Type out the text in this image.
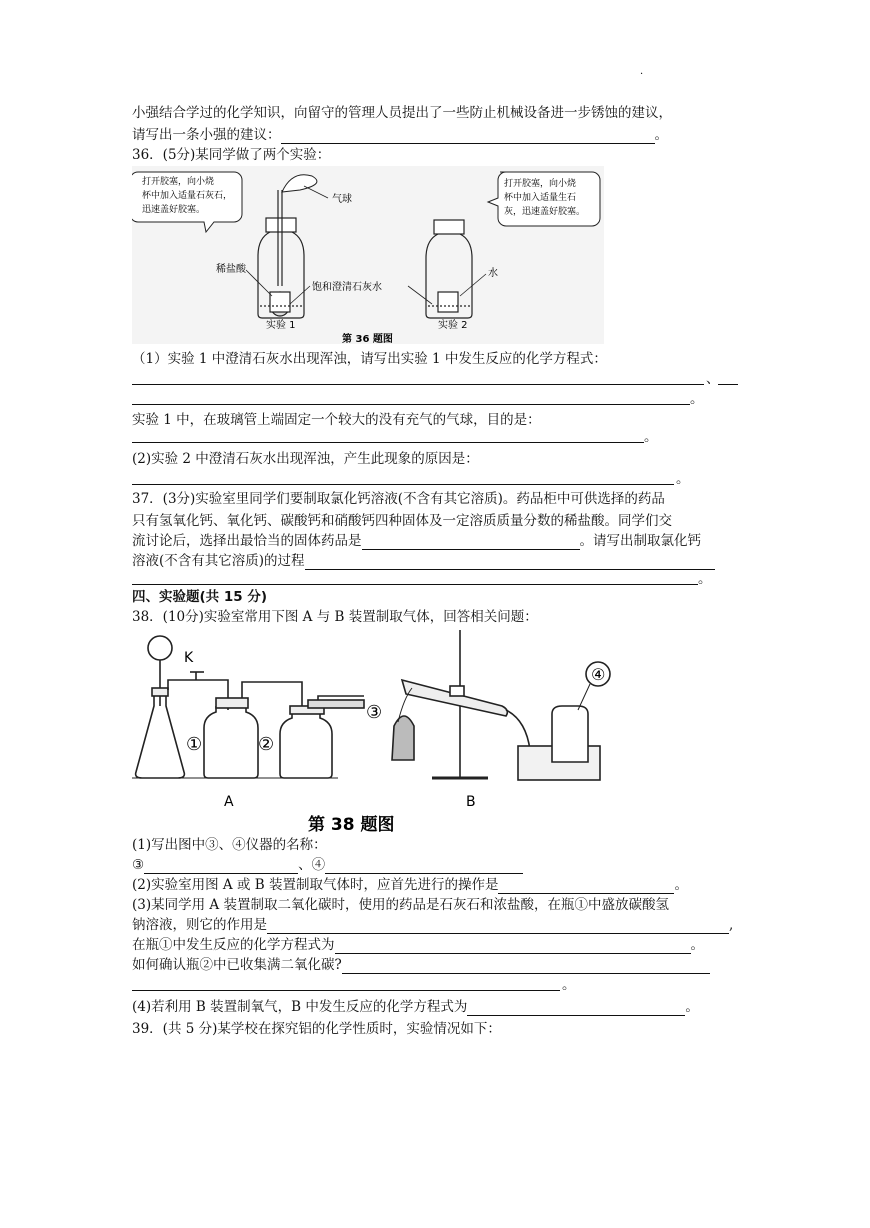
·
小强结合学过的化学知识，向留守的管理人员提出了一些防止机械设备进一步锈蚀的建议，
请写出一条小强的建议：	。
36．(5分)某同学做了两个实验：
打开胶塞，向小烧
杯中加入适量石灰石，
迅速盖好胶塞。
打开胶塞，向小烧
杯中加入适量生石
灰，迅速盖好胶塞。
气球
稀盐酸
饱和澄清石灰水
水
实验 1	实验 2
第 36 题图
（1）实验 1 中澄清石灰水出现浑浊，请写出实验 1 中发生反应的化学方程式：
、
。
实验 1 中，在玻璃管上端固定一个较大的没有充气的气球，目的是：
。
(2)实验 2 中澄清石灰水出现浑浊，产生此现象的原因是：
。
37．(3分)实验室里同学们要制取氯化钙溶液(不含有其它溶质)。药品柜中可供选择的药品
只有氢氧化钙、氧化钙、碳酸钙和硝酸钙四种固体及一定溶质质量分数的稀盐酸。同学们交
流讨论后，选择出最恰当的固体药品是	。请写出制取氯化钙
溶液(不含有其它溶质)的过程
。
四、实验题(共 15 分)
38．(10分)实验室常用下图 A 与 B 装置制取气体，回答相关问题：
K
①	②
A
③
④
B
第 38 题图
(1)写出图中③、④仪器的名称：
③	、④
(2)实验室用图 A 或 B 装置制取气体时，应首先进行的操作是	。
(3)某同学用 A 装置制取二氧化碳时，使用的药品是石灰石和浓盐酸，在瓶①中盛放碳酸氢
钠溶液，则它的作用是	,
在瓶①中发生反应的化学方程式为	。
如何确认瓶②中已收集满二氧化碳?
。
(4)若利用 B 装置制氧气，B 中发生反应的化学方程式为	。
39．(共 5 分)某学校在探究铝的化学性质时，实验情况如下：
